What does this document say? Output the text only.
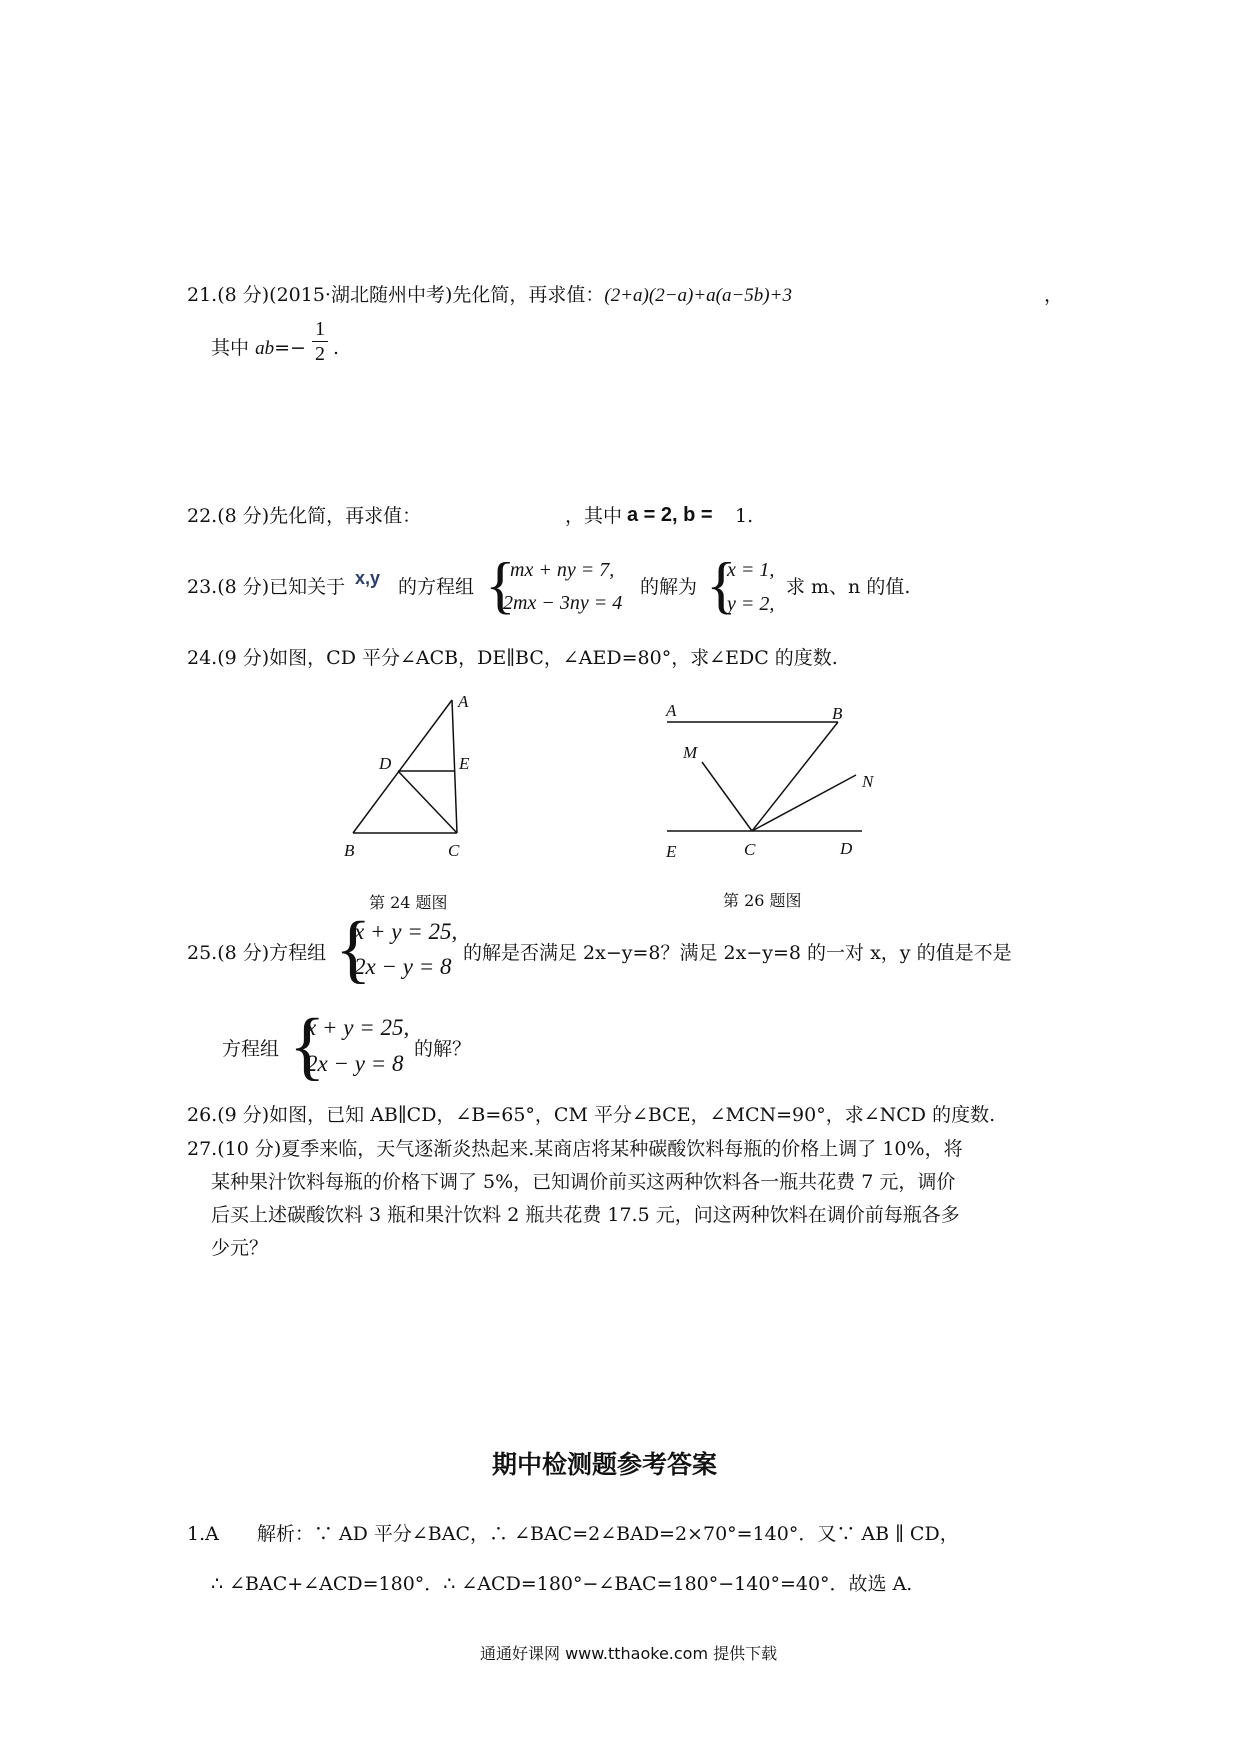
21.(8 分)(2015·湖北随州中考)先化简，再求值：(2+a)(2−a)+a(a−5b)+3	，
其中 ab=−
1
2 .
22.(8 分)先化简，再求值：	，其中 a = 2, b = 1.
23.(8 分)已知关于 x,y 的方程组 {
mx + ny = 7,
2mx − 3ny = 4
的解为 {
x = 1,
y = 2,
求 m、n 的值.
24.(9 分)如图，CD 平分∠ACB，DE∥BC，∠AED=80°，求∠EDC 的度数.
A
D	E
B	C
A	B
M
N
E	C	D
第 24 题图	第 26 题图
25.(8 分)方程组 {
x + y = 25,
2x − y = 8
的解是否满足 2x−y=8？满足 2x−y=8 的一对 x，y 的值是不是
方程组 {
x + y = 25,
2x − y = 8
的解？
26.(9 分)如图，已知 AB∥CD，∠B=65°，CM 平分∠BCE，∠MCN=90°，求∠NCD 的度数.
27.(10 分)夏季来临，天气逐渐炎热起来.某商店将某种碳酸饮料每瓶的价格上调了 10%，将
某种果汁饮料每瓶的价格下调了 5%，已知调价前买这两种饮料各一瓶共花费 7 元，调价
后买上述碳酸饮料 3 瓶和果汁饮料 2 瓶共花费 17.5 元，问这两种饮料在调价前每瓶各多
少元？
期中检测题参考答案
1.A　　解析：∵ AD 平分∠BAC，∴ ∠BAC=2∠BAD=2×70°=140°．又∵ AB ∥ CD，
∴ ∠BAC+∠ACD=180°．∴ ∠ACD=180°−∠BAC=180°−140°=40°．故选 A.
通通好课网 www.tthaoke.com 提供下载
